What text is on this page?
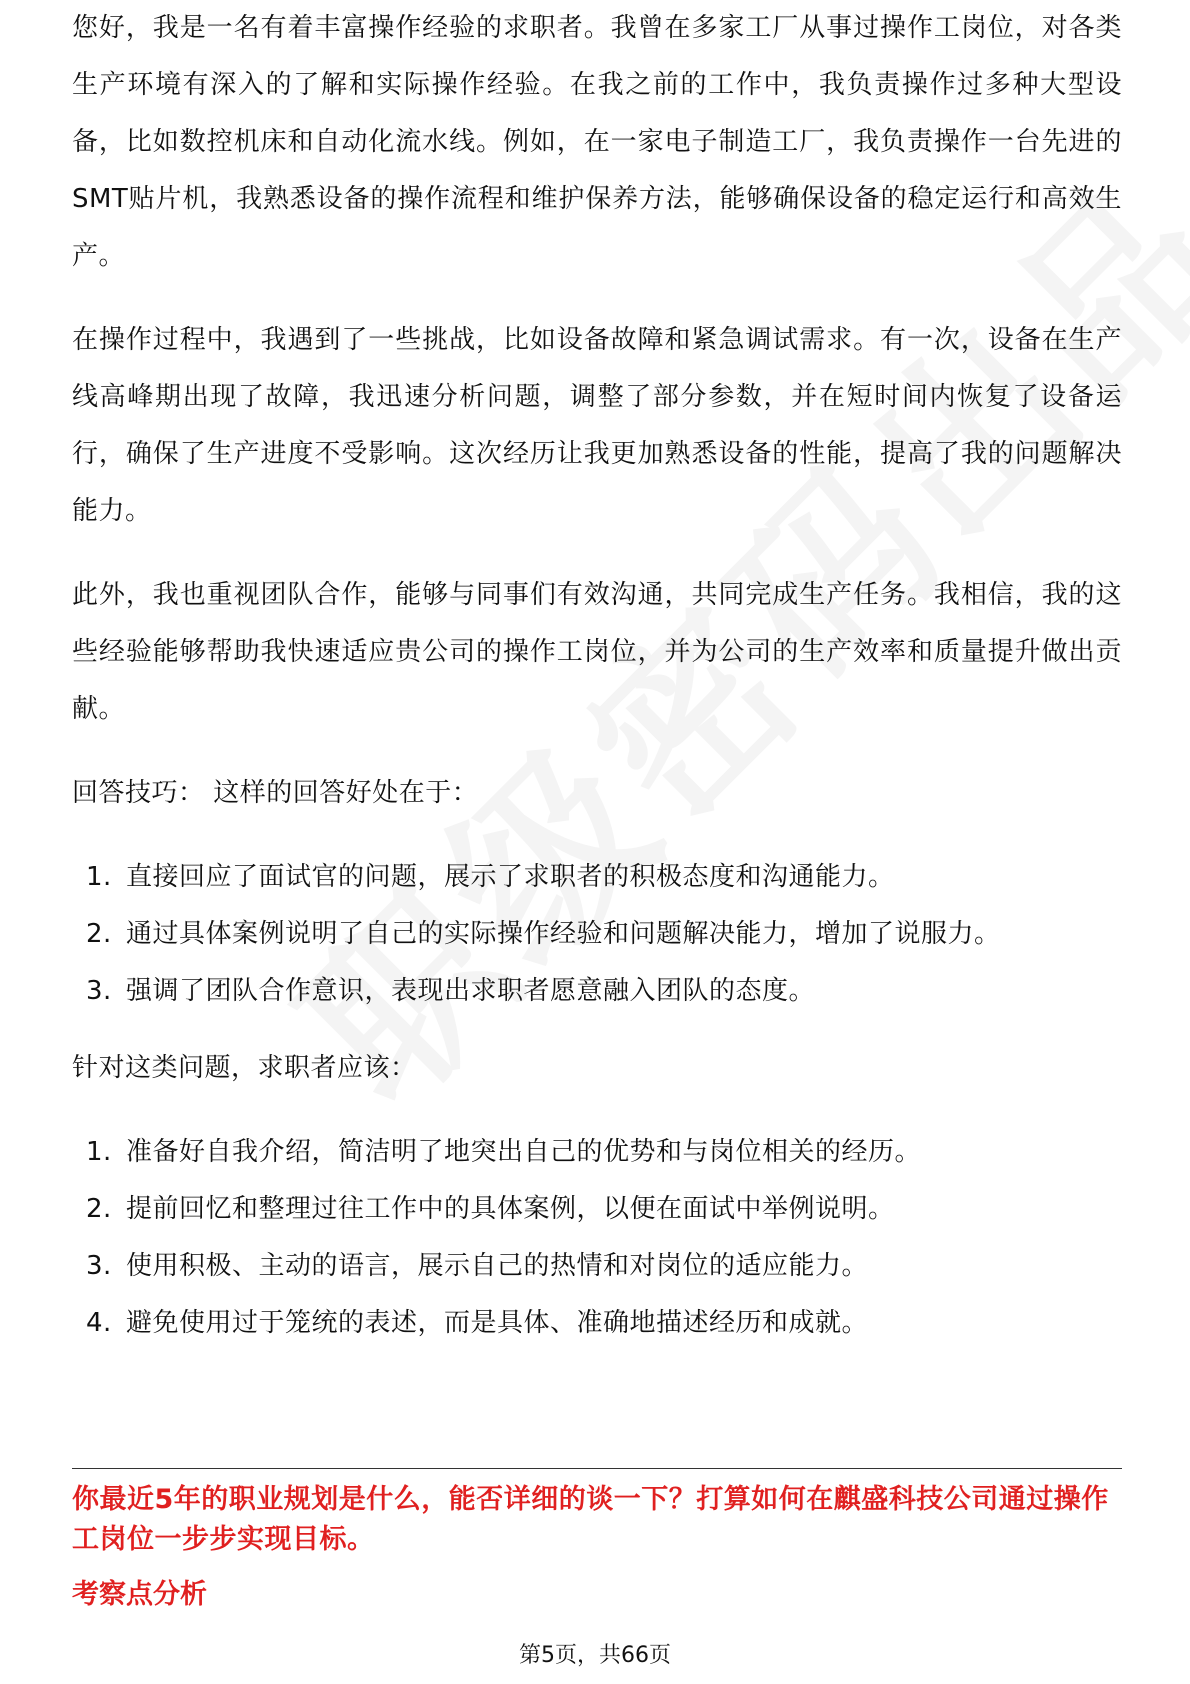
您好，我是一名有着丰富操作经验的求职者。我曾在多家工厂从事过操作工岗位，对各类生产环境有深入的了解和实际操作经验。在我之前的工作中，我负责操作过多种大型设备，比如数控机床和自动化流水线。例如，在一家电子制造工厂，我负责操作一台先进的SMT贴片机，我熟悉设备的操作流程和维护保养方法，能够确保设备的稳定运行和高效生产。

在操作过程中，我遇到了一些挑战，比如设备故障和紧急调试需求。有一次，设备在生产线高峰期出现了故障，我迅速分析问题，调整了部分参数，并在短时间内恢复了设备运行，确保了生产进度不受影响。这次经历让我更加熟悉设备的性能，提高了我的问题解决能力。

此外，我也重视团队合作，能够与同事们有效沟通，共同完成生产任务。我相信，我的这些经验能够帮助我快速适应贵公司的操作工岗位，并为公司的生产效率和质量提升做出贡献。

回答技巧： 这样的回答好处在于：

1. 直接回应了面试官的问题，展示了求职者的积极态度和沟通能力。
2. 通过具体案例说明了自己的实际操作经验和问题解决能力，增加了说服力。
3. 强调了团队合作意识，表现出求职者愿意融入团队的态度。

针对这类问题，求职者应该：

1. 准备好自我介绍，简洁明了地突出自己的优势和与岗位相关的经历。
2. 提前回忆和整理过往工作中的具体案例，以便在面试中举例说明。
3. 使用积极、主动的语言，展示自己的热情和对岗位的适应能力。
4. 避免使用过于笼统的表述，而是具体、准确地描述经历和成就。
你最近5年的职业规划是什么，能否详细的谈一下？打算如何在麒盛科技公司通过操作工岗位一步步实现目标。
考察点分析
第5页，共66页
